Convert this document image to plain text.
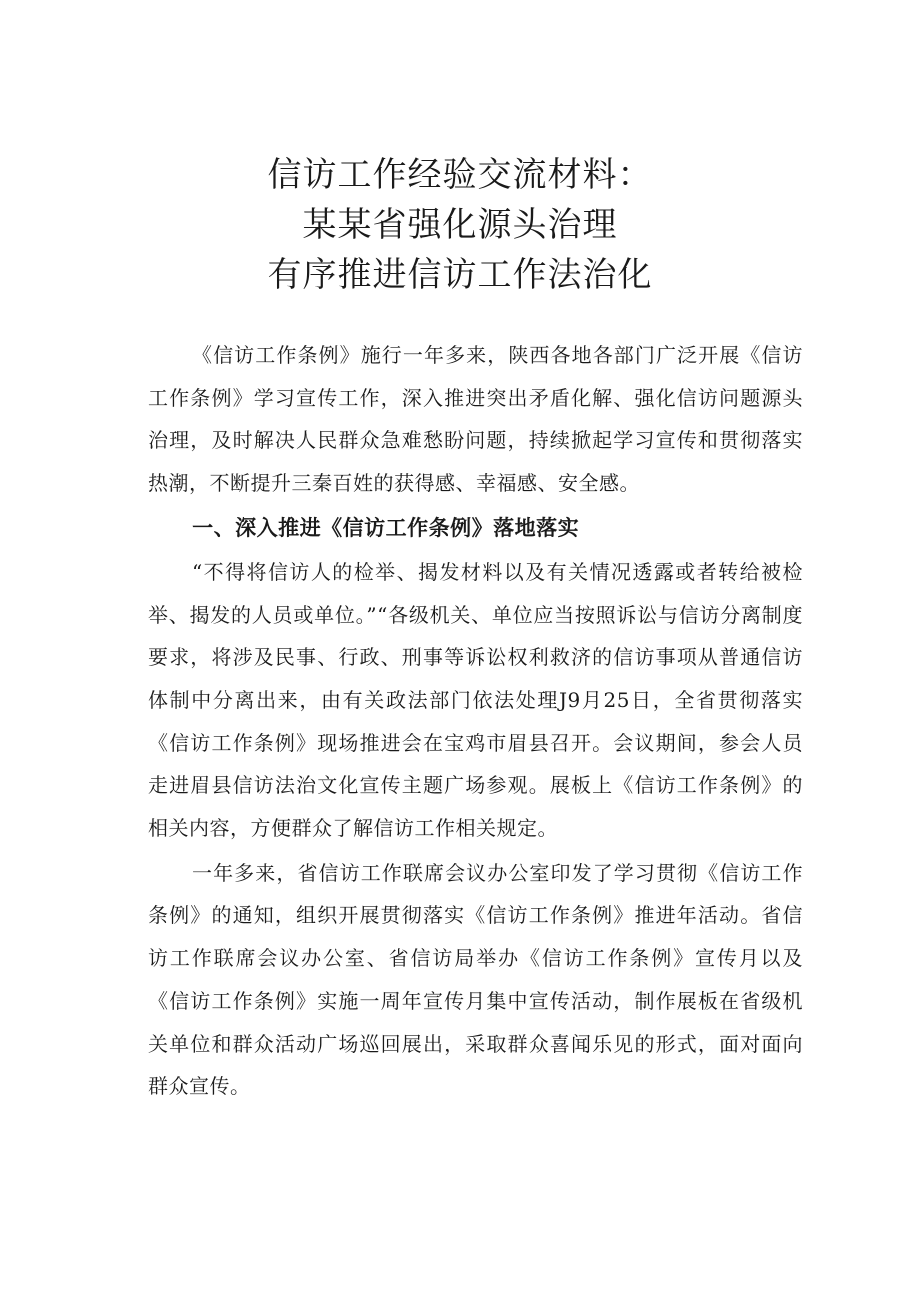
信访工作经验交流材料：
某某省强化源头治理
有序推进信访工作法治化

《信访工作条例》施行一年多来，陕西各地各部门广泛开展《信访工作条例》学习宣传工作，深入推进突出矛盾化解、强化信访问题源头治理，及时解决人民群众急难愁盼问题，持续掀起学习宣传和贯彻落实热潮，不断提升三秦百姓的获得感、幸福感、安全感。

一、深入推进《信访工作条例》落地落实

“不得将信访人的检举、揭发材料以及有关情况透露或者转给被检举、揭发的人员或单位。”“各级机关、单位应当按照诉讼与信访分离制度要求，将涉及民事、行政、刑事等诉讼权利救济的信访事项从普通信访体制中分离出来，由有关政法部门依法处理J9月25日，全省贯彻落实《信访工作条例》现场推进会在宝鸡市眉县召开。会议期间，参会人员走进眉县信访法治文化宣传主题广场参观。展板上《信访工作条例》的相关内容，方便群众了解信访工作相关规定。

一年多来，省信访工作联席会议办公室印发了学习贯彻《信访工作条例》的通知，组织开展贯彻落实《信访工作条例》推进年活动。省信访工作联席会议办公室、省信访局举办《信访工作条例》宣传月以及《信访工作条例》实施一周年宣传月集中宣传活动，制作展板在省级机关单位和群众活动广场巡回展出，采取群众喜闻乐见的形式，面对面向群众宣传。
